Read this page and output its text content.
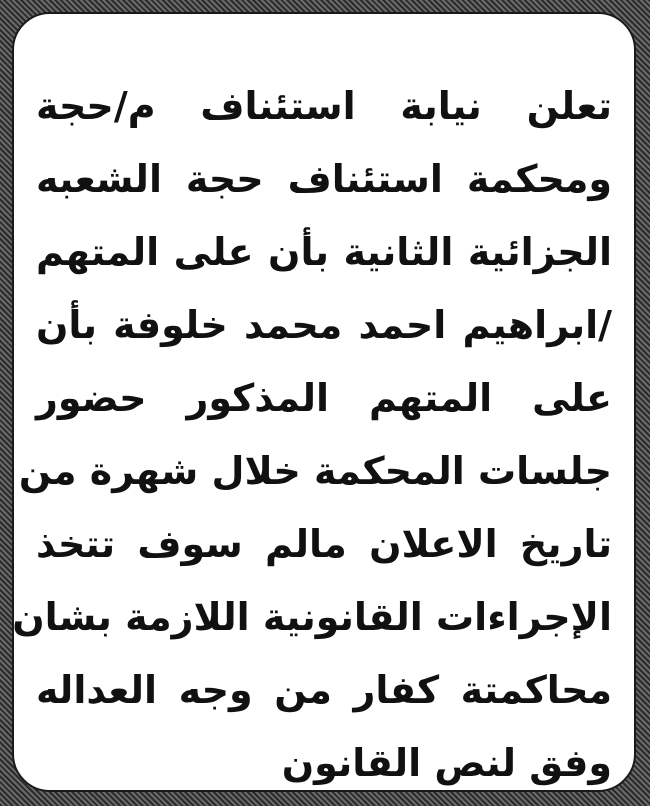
تعلن نيابة استئناف م/حجة
ومحكمة استئناف حجة الشعبه
الجزائية الثانية بأن على المتهم
/ابراهيم احمد محمد خلوفة بأن
على المتهم المذكور حضور
جلسات المحكمة خلال شهرة من
تاريخ الاعلان مالم سوف تتخذ
الإجراءات القانونية اللازمة بشان
محاكمتة كفار من وجه العداله
وفق لنص القانون
